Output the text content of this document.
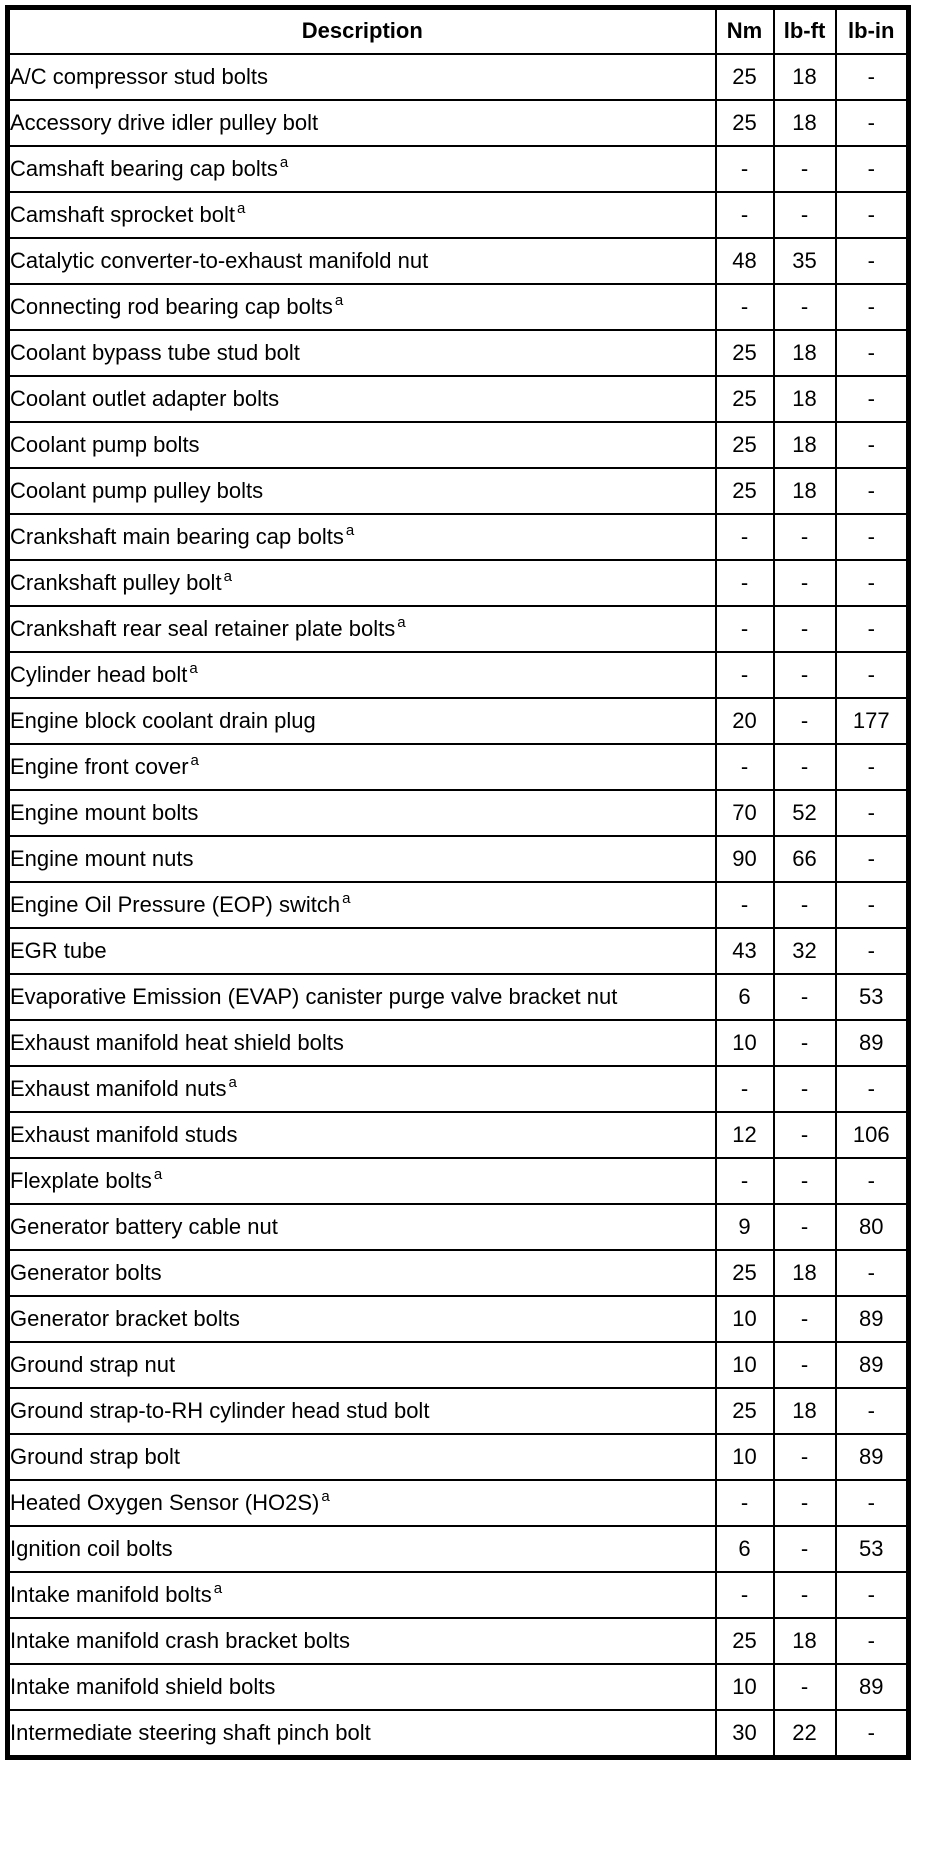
Description	Nm	lb-ft	lb-in
A/C compressor stud bolts	25	18	-
Accessory drive idler pulley bolt	25	18	-
Camshaft bearing cap bolts $^a$	-	-	-
Camshaft sprocket bolt $^a$	-	-	-
Catalytic converter-to-exhaust manifold nut	48	35	-
Connecting rod bearing cap bolts $^a$	-	-	-
Coolant bypass tube stud bolt	25	18	-
Coolant outlet adapter bolts	25	18	-
Coolant pump bolts	25	18	-
Coolant pump pulley bolts	25	18	-
Crankshaft main bearing cap bolts $^a$	-	-	-
Crankshaft pulley bolt $^a$	-	-	-
Crankshaft rear seal retainer plate bolts $^a$	-	-	-
Cylinder head bolt $^a$	-	-	-
Engine block coolant drain plug	20	-	177
Engine front cover $^a$	-	-	-
Engine mount bolts	70	52	-
Engine mount nuts	90	66	-
Engine Oil Pressure (EOP) switch $^a$	-	-	-
EGR tube	43	32	-
Evaporative Emission (EVAP) canister purge valve bracket nut	6	-	53
Exhaust manifold heat shield bolts	10	-	89
Exhaust manifold nuts $^a$	-	-	-
Exhaust manifold studs	12	-	106
Flexplate bolts $^a$	-	-	-
Generator battery cable nut	9	-	80
Generator bolts	25	18	-
Generator bracket bolts	10	-	89
Ground strap nut	10	-	89
Ground strap-to-RH cylinder head stud bolt	25	18	-
Ground strap bolt	10	-	89
Heated Oxygen Sensor (HO2S) $^a$	-	-	-
Ignition coil bolts	6	-	53
Intake manifold bolts $^a$	-	-	-
Intake manifold crash bracket bolts	25	18	-
Intake manifold shield bolts	10	-	89
Intermediate steering shaft pinch bolt	30	22	-
